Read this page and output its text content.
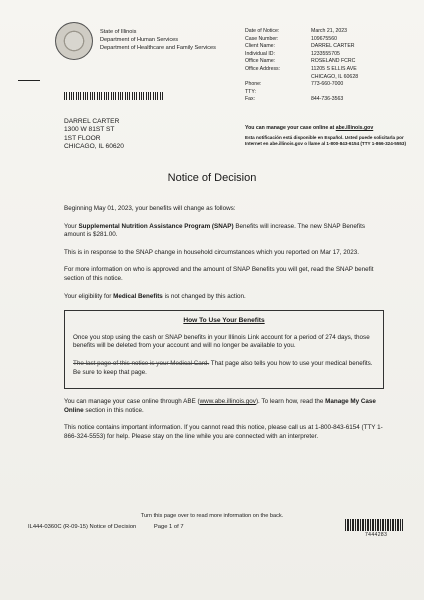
State of Illinois
Department of Human Services
Department of Healthcare and Family Services
Date of Notice:	March 21, 2023
Case Number:	109675560
Client Name:	DARREL CARTER
Individual ID:	1233555705
Office Name:	ROSELAND FCRC
Office Address:	11205 S ELLIS AVE
CHICAGO, IL 60628
Phone:	773-660-7000
TTY:
Fax:	844-736-3563
DARREL CARTER
1300 W 81ST ST
1ST FLOOR
CHICAGO, IL 60620
You can manage your case online at abe.illinois.gov
Esta notificación está disponible en Español. Usted puede solicitarla por Internet en abe.illinois.gov o llame al 1-800-843-6154 (TTY 1-866-324-5553)
Notice of Decision

Beginning May 01, 2023, your benefits will change as follows:

Your Supplemental Nutrition Assistance Program (SNAP) Benefits will increase. The new SNAP Benefits amount is $281.00.

This is in response to the SNAP change in household circumstances which you reported on Mar 17, 2023.

For more information on who is approved and the amount of SNAP Benefits you will get, read the SNAP benefit section of this notice.

Your eligibility for Medical Benefits is not changed by this action.

How To Use Your Benefits

Once you stop using the cash or SNAP benefits in your Illinois Link account for a period of 274 days, those benefits will be deleted from your account and will no longer be available to you.

The last page of this notice is your Medical Card. That page also tells you how to use your medical benefits. Be sure to keep that page.

You can manage your case online through ABE (www.abe.illinois.gov). To learn how, read the Manage My Case Online section in this notice.

This notice contains important information. If you cannot read this notice, please call us at 1-800-843-6154 (TTY 1-866-324-5553) for help. Please stay on the line while you are connected with an interpreter.

Turn this page over to read more information on the back.
IL444-0360C (R-09-15) Notice of Decision	Page 1 of 7
7444283
